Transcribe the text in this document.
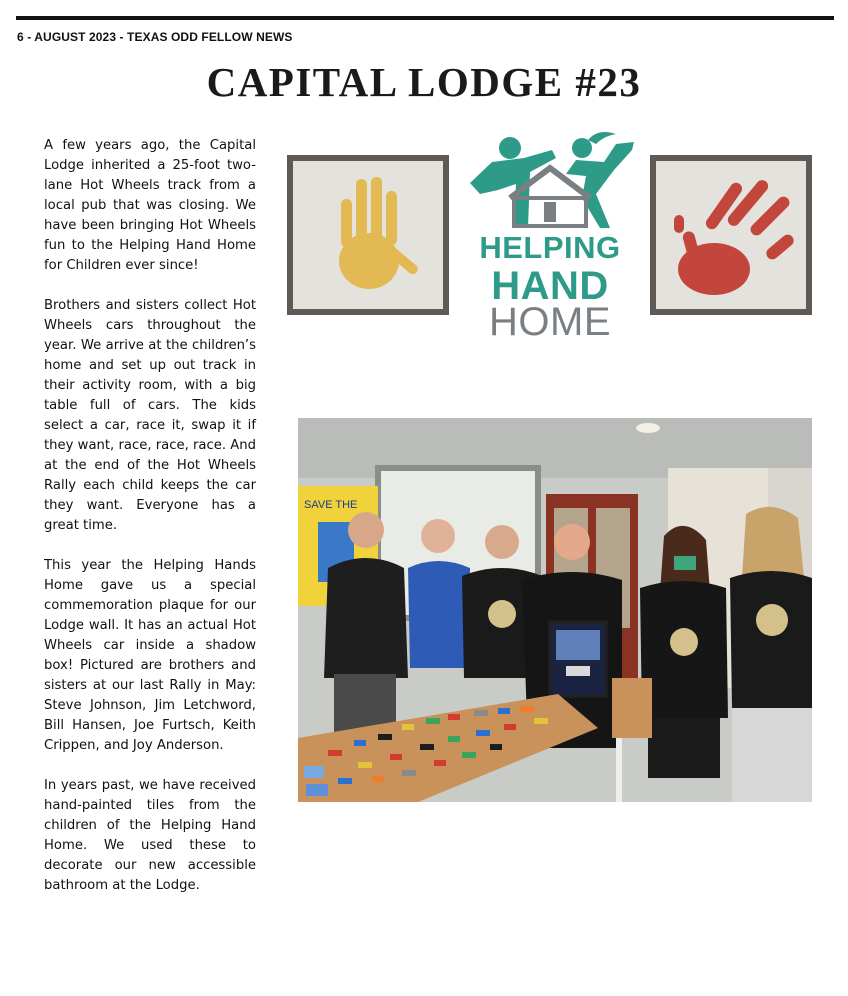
6 - AUGUST 2023 - TEXAS ODD FELLOW NEWS
CAPITAL LODGE #23

A few years ago, the Capital Lodge inherited a 25-foot two-lane Hot Wheels track from a local pub that was closing. We have been bringing Hot Wheels fun to the Helping Hand Home for Children ever since!

Brothers and sisters collect Hot Wheels cars throughout the year. We arrive at the children’s home and set up out track in their activity room, with a big table full of cars. The kids select a car, race it, swap it if they want, race, race, race. And at the end of the Hot Wheels Rally each child keeps the car they want. Everyone has a great time.

This year the Helping Hands Home gave us a special commemoration plaque for our Lodge wall. It has an actual Hot Wheels car inside a shadow box! Pictured are brothers and sisters at our last Rally in May: Steve Johnson, Jim Letchword, Bill Hansen, Joe Furtsch, Keith Crippen, and Joy Anderson.

In years past, we have received hand-painted tiles from the children of the Helping Hand Home. We used these to decorate our new accessible bathroom at the Lodge.

HELPING
HAND
HOME
SAVE THE
